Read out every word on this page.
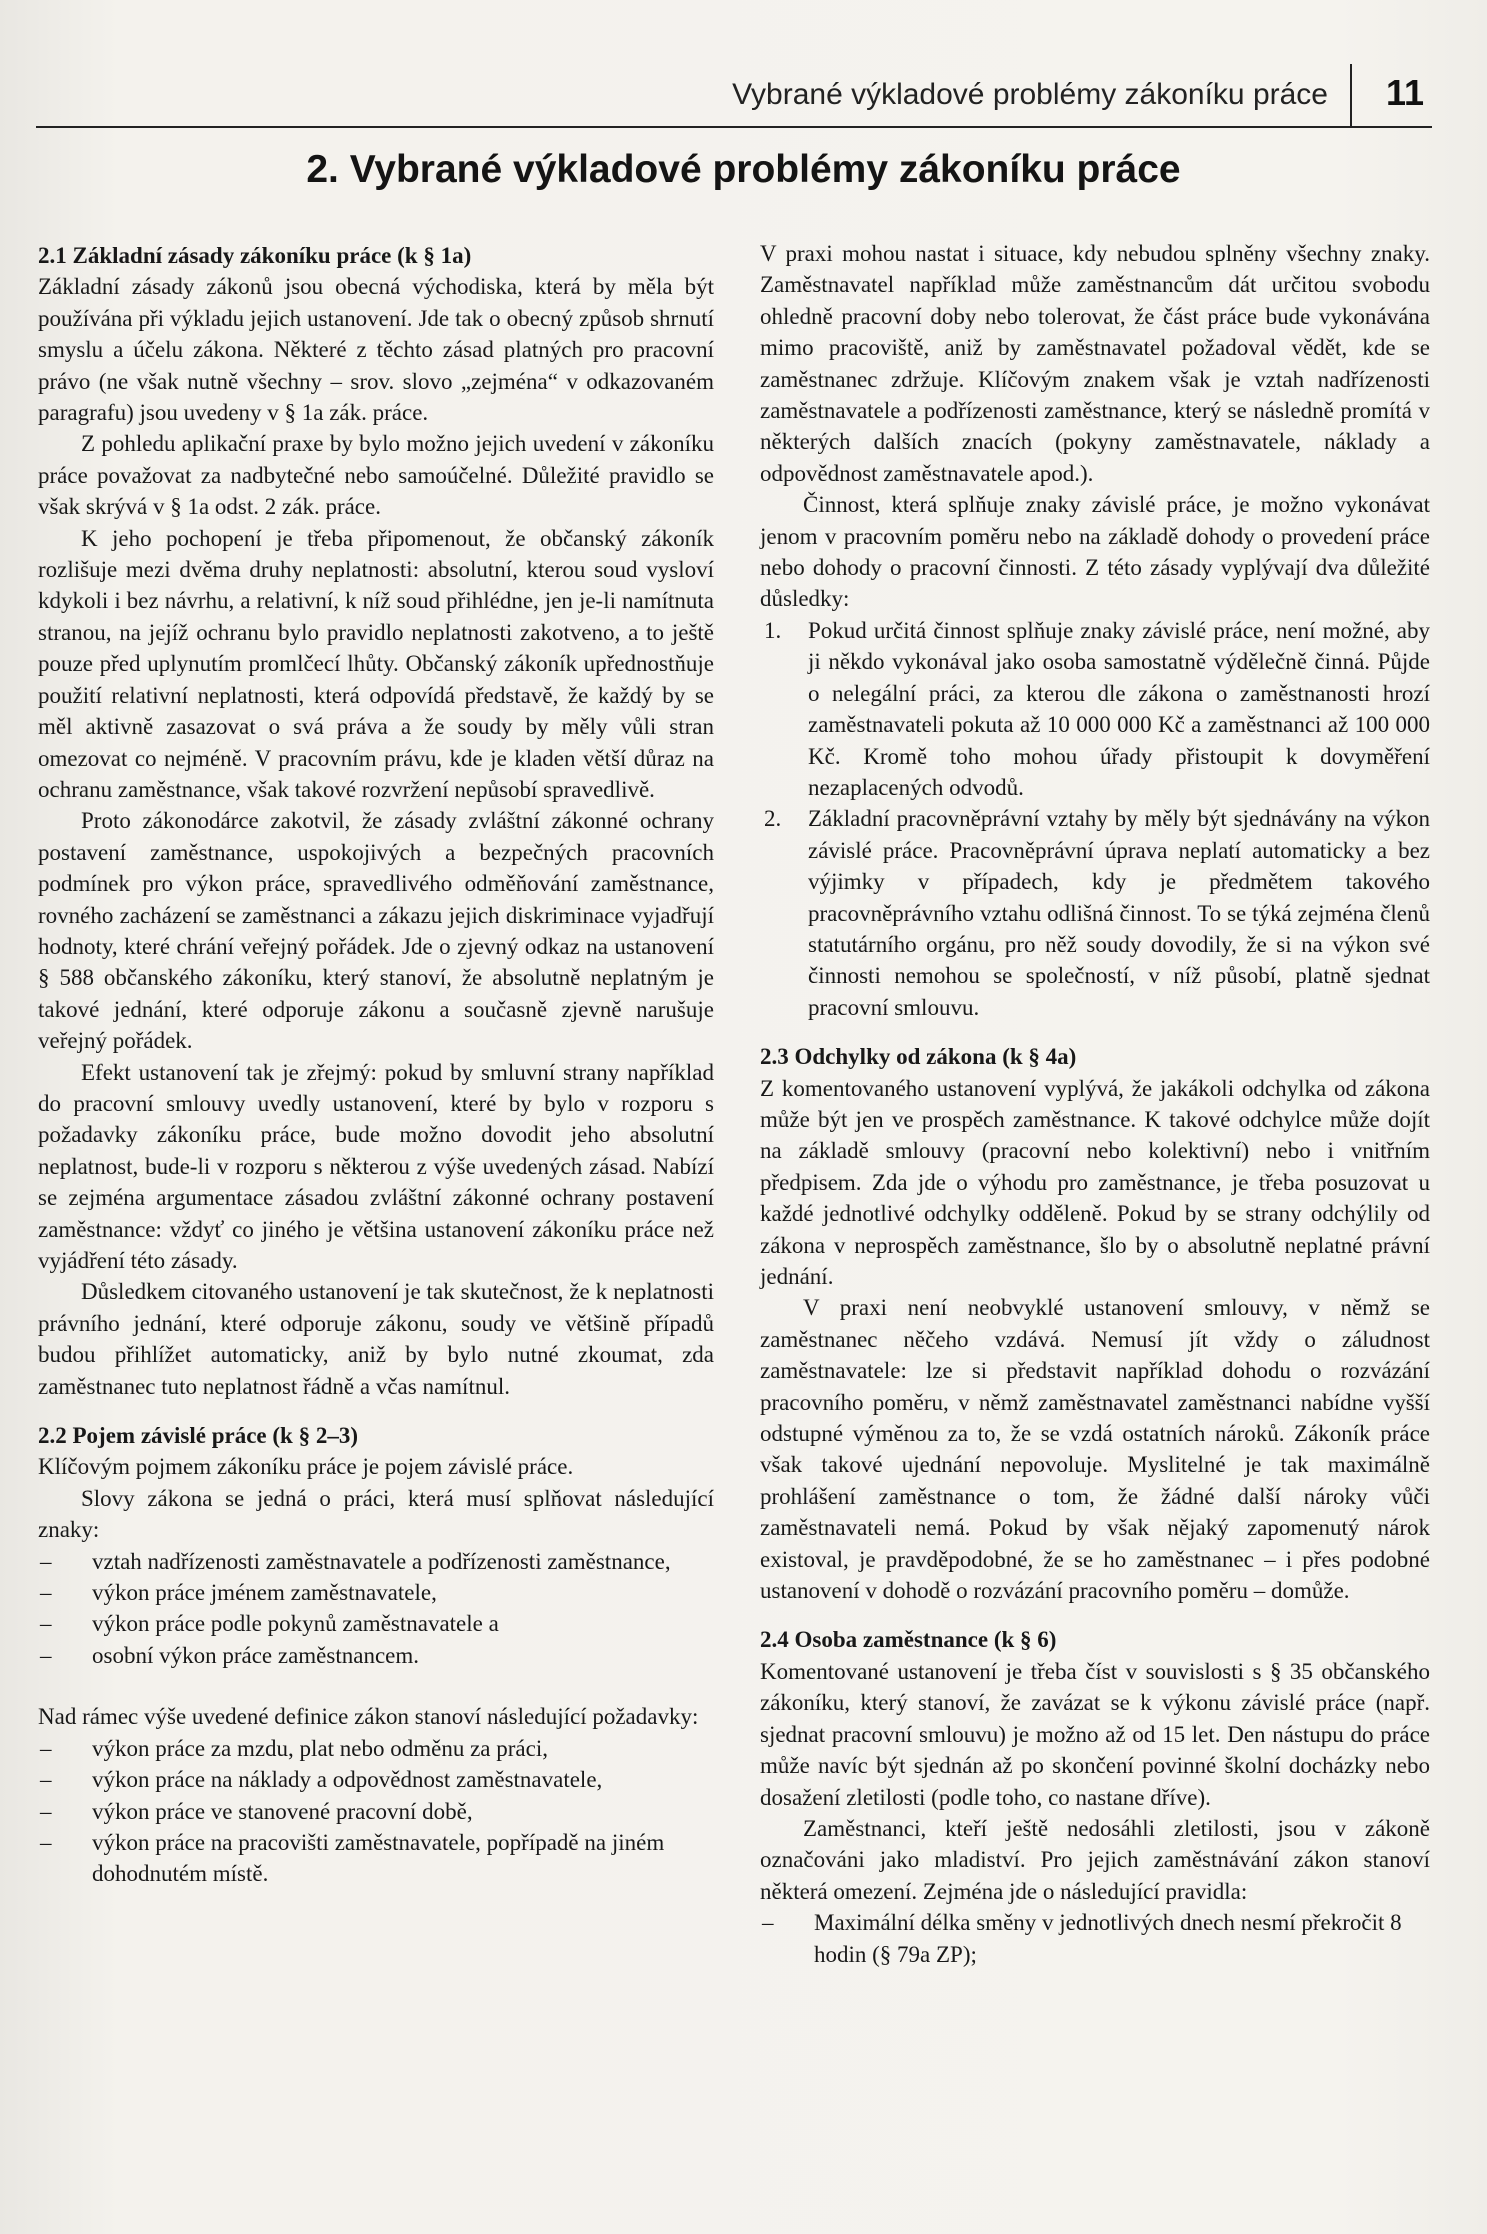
Vybrané výkladové problémy zákoníku práce 11
2. Vybrané výkladové problémy zákoníku práce

2.1 Základní zásady zákoníku práce (k § 1a)

Základní zásady zákonů jsou obecná východiska, která by měla být používána při výkladu jejich ustanovení. Jde tak o obecný způsob shrnutí smyslu a účelu zákona. Některé z těchto zásad platných pro pracovní právo (ne však nutně všechny – srov. slovo „zejména“ v odkazovaném paragrafu) jsou uvedeny v § 1a zák. práce.

Z pohledu aplikační praxe by bylo možno jejich uvedení v zákoníku práce považovat za nadbytečné nebo samoúčelné. Důležité pravidlo se však skrývá v § 1a odst. 2 zák. práce.

K jeho pochopení je třeba připomenout, že občanský zákoník rozlišuje mezi dvěma druhy neplatnosti: absolutní, kterou soud vysloví kdykoli i bez návrhu, a relativní, k níž soud přihlédne, jen je-li namítnuta stranou, na jejíž ochranu bylo pravidlo neplatnosti zakotveno, a to ještě pouze před uplynutím promlčecí lhůty. Občanský zákoník upřednostňuje použití relativní neplatnosti, která odpovídá představě, že každý by se měl aktivně zasazovat o svá práva a že soudy by měly vůli stran omezovat co nejméně. V pracovním právu, kde je kladen větší důraz na ochranu zaměstnance, však takové rozvržení nepůsobí spravedlivě.

Proto zákonodárce zakotvil, že zásady zvláštní zákonné ochrany postavení zaměstnance, uspokojivých a bezpečných pracovních podmínek pro výkon práce, spravedlivého odměňování zaměstnance, rovného zacházení se zaměstnanci a zákazu jejich diskriminace vyjadřují hodnoty, které chrání veřejný pořádek. Jde o zjevný odkaz na ustanovení § 588 občanského zákoníku, který stanoví, že absolutně neplatným je takové jednání, které odporuje zákonu a současně zjevně narušuje veřejný pořádek.

Efekt ustanovení tak je zřejmý: pokud by smluvní strany například do pracovní smlouvy uvedly ustanovení, které by bylo v rozporu s požadavky zákoníku práce, bude možno dovodit jeho absolutní neplatnost, bude-li v rozporu s některou z výše uvedených zásad. Nabízí se zejména argumentace zásadou zvláštní zákonné ochrany postavení zaměstnance: vždyť co jiného je většina ustanovení zákoníku práce než vyjádření této zásady.

Důsledkem citovaného ustanovení je tak skutečnost, že k neplatnosti právního jednání, které odporuje zákonu, soudy ve většině případů budou přihlížet automaticky, aniž by bylo nutné zkoumat, zda zaměstnanec tuto neplatnost řádně a včas namítnul.

2.2 Pojem závislé práce (k § 2–3)

Klíčovým pojmem zákoníku práce je pojem závislé práce.

Slovy zákona se jedná o práci, která musí splňovat následující znaky:

– vztah nadřízenosti zaměstnavatele a podřízenosti zaměstnance,
– výkon práce jménem zaměstnavatele,
– výkon práce podle pokynů zaměstnavatele a
– osobní výkon práce zaměstnancem.

Nad rámec výše uvedené definice zákon stanoví následující požadavky:

– výkon práce za mzdu, plat nebo odměnu za práci,
– výkon práce na náklady a odpovědnost zaměstnavatele,
– výkon práce ve stanovené pracovní době,
– výkon práce na pracovišti zaměstnavatele, popřípadě na jiném dohodnutém místě.

V praxi mohou nastat i situace, kdy nebudou splněny všechny znaky. Zaměstnavatel například může zaměstnancům dát určitou svobodu ohledně pracovní doby nebo tolerovat, že část práce bude vykonávána mimo pracoviště, aniž by zaměstnavatel požadoval vědět, kde se zaměstnanec zdržuje. Klíčovým znakem však je vztah nadřízenosti zaměstnavatele a podřízenosti zaměstnance, který se následně promítá v některých dalších znacích (pokyny zaměstnavatele, náklady a odpovědnost zaměstnavatele apod.).

Činnost, která splňuje znaky závislé práce, je možno vykonávat jenom v pracovním poměru nebo na základě dohody o provedení práce nebo dohody o pracovní činnosti. Z této zásady vyplývají dva důležité důsledky:

1. Pokud určitá činnost splňuje znaky závislé práce, není možné, aby ji někdo vykonával jako osoba samostatně výdělečně činná. Půjde o nelegální práci, za kterou dle zákona o zaměstnanosti hrozí zaměstnavateli pokuta až 10 000 000 Kč a zaměstnanci až 100 000 Kč. Kromě toho mohou úřady přistoupit k dovyměření nezaplacených odvodů.
2. Základní pracovněprávní vztahy by měly být sjednávány na výkon závislé práce. Pracovněprávní úprava neplatí automaticky a bez výjimky v případech, kdy je předmětem takového pracovněprávního vztahu odlišná činnost. To se týká zejména členů statutárního orgánu, pro něž soudy dovodily, že si na výkon své činnosti nemohou se společností, v níž působí, platně sjednat pracovní smlouvu.

2.3 Odchylky od zákona (k § 4a)

Z komentovaného ustanovení vyplývá, že jakákoli odchylka od zákona může být jen ve prospěch zaměstnance. K takové odchylce může dojít na základě smlouvy (pracovní nebo kolektivní) nebo i vnitřním předpisem. Zda jde o výhodu pro zaměstnance, je třeba posuzovat u každé jednotlivé odchylky odděleně. Pokud by se strany odchýlily od zákona v neprospěch zaměstnance, šlo by o absolutně neplatné právní jednání.

V praxi není neobvyklé ustanovení smlouvy, v němž se zaměstnanec něčeho vzdává. Nemusí jít vždy o záludnost zaměstnavatele: lze si představit například dohodu o rozvázání pracovního poměru, v němž zaměstnavatel zaměstnanci nabídne vyšší odstupné výměnou za to, že se vzdá ostatních nároků. Zákoník práce však takové ujednání nepovoluje. Myslitelné je tak maximálně prohlášení zaměstnance o tom, že žádné další nároky vůči zaměstnavateli nemá. Pokud by však nějaký zapomenutý nárok existoval, je pravděpodobné, že se ho zaměstnanec – i přes podobné ustanovení v dohodě o rozvázání pracovního poměru – domůže.

2.4 Osoba zaměstnance (k § 6)

Komentované ustanovení je třeba číst v souvislosti s § 35 občanského zákoníku, který stanoví, že zavázat se k výkonu závislé práce (např. sjednat pracovní smlouvu) je možno až od 15 let. Den nástupu do práce může navíc být sjednán až po skončení povinné školní docházky nebo dosažení zletilosti (podle toho, co nastane dříve).

Zaměstnanci, kteří ještě nedosáhli zletilosti, jsou v zákoně označováni jako mladiství. Pro jejich zaměstnávání zákon stanoví některá omezení. Zejména jde o následující pravidla:

– Maximální délka směny v jednotlivých dnech nesmí překročit 8 hodin (§ 79a ZP);
